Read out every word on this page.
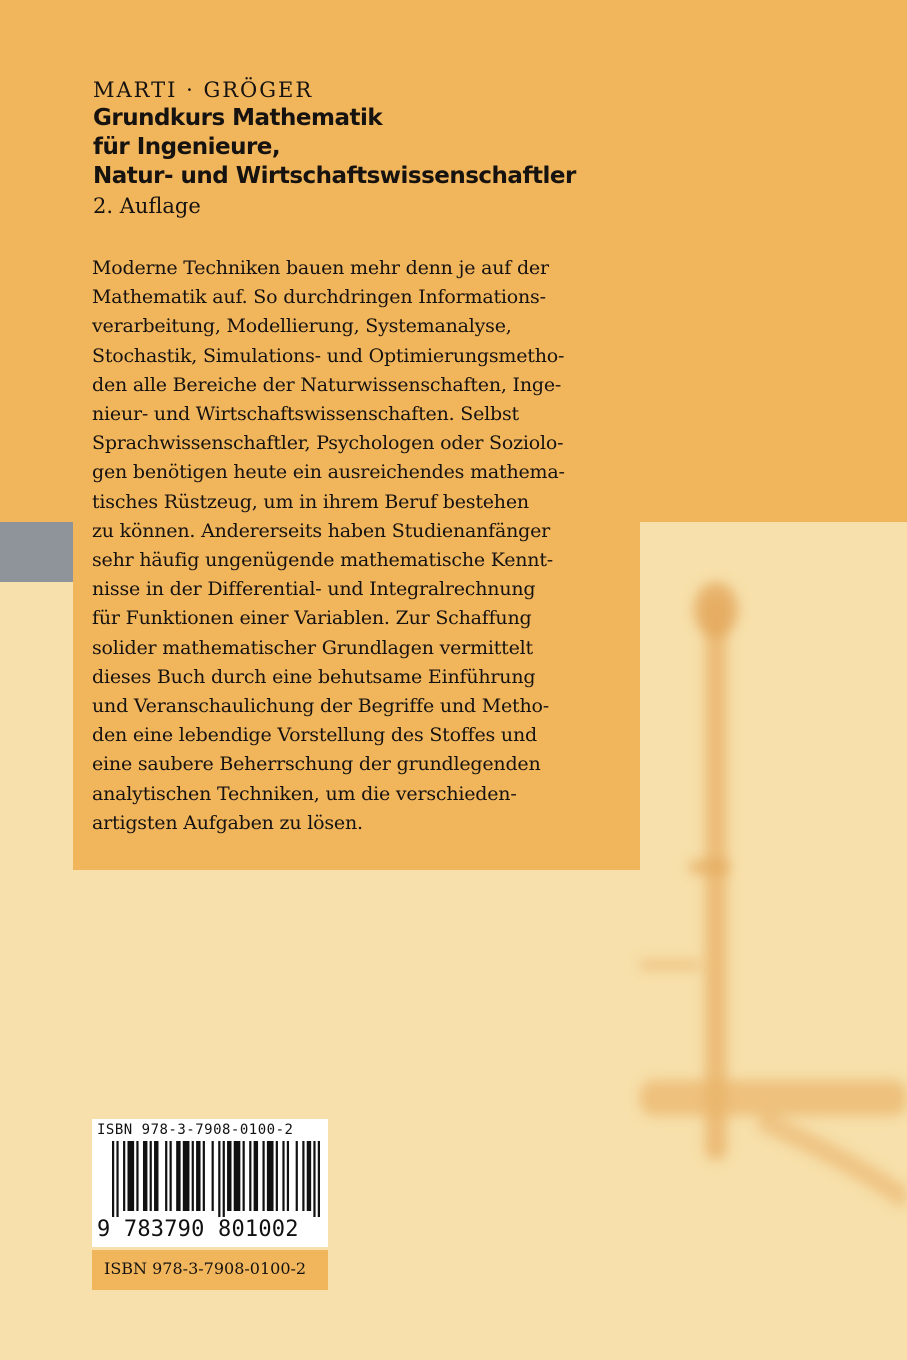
MARTI · GRÖGER
Grundkurs Mathematik
für Ingenieure,
Natur- und Wirtschaftswissenschaftler

2. Auflage

Moderne Techniken bauen mehr denn je auf der
Mathematik auf. So durchdringen Informations-
verarbeitung, Modellierung, Systemanalyse,
Stochastik, Simulations- und Optimierungsmetho-
den alle Bereiche der Naturwissenschaften, Inge-
nieur- und Wirtschaftswissenschaften. Selbst
Sprachwissenschaftler, Psychologen oder Soziolo-
gen benötigen heute ein ausreichendes mathema-
tisches Rüstzeug, um in ihrem Beruf bestehen
zu können. Andererseits haben Studienanfänger
sehr häufig ungenügende mathematische Kennt-
nisse in der Differential- und Integralrechnung
für Funktionen einer Variablen. Zur Schaffung
solider mathematischer Grundlagen vermittelt
dieses Buch durch eine behutsame Einführung
und Veranschaulichung der Begriffe und Metho-
den eine lebendige Vorstellung des Stoffes und
eine saubere Beherrschung der grundlegenden
analytischen Techniken, um die verschieden-
artigsten Aufgaben zu lösen.

ISBN 978-3-7908-0100-2

9 783790 801002

ISBN 978-3-7908-0100-2
